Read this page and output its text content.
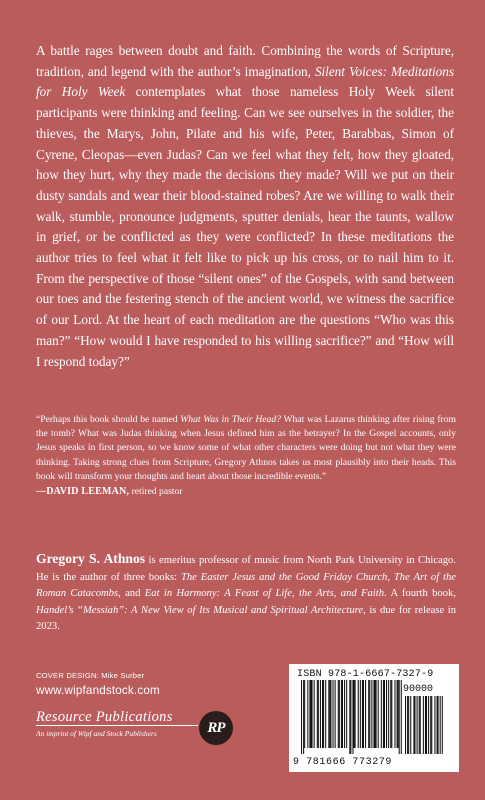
A battle rages between doubt and faith. Combining the words of Scripture, tradition, and legend with the author’s imagination, Silent Voices: Meditations for Holy Week contemplates what those nameless Holy Week silent participants were thinking and feeling. Can we see ourselves in the soldier, the thieves, the Marys, John, Pilate and his wife, Peter, Barabbas, Simon of Cyrene, Cleopas—even Judas? Can we feel what they felt, how they gloated, how they hurt, why they made the decisions they made? Will we put on their dusty sandals and wear their blood-stained robes? Are we willing to walk their walk, stumble, pronounce judgments, sputter denials, hear the taunts, wallow in grief, or be conflicted as they were conflicted? In these meditations the author tries to feel what it felt like to pick up his cross, or to nail him to it. From the perspective of those “silent ones” of the Gospels, with sand between our toes and the festering stench of the ancient world, we witness the sacrifice of our Lord. At the heart of each meditation are the questions “Who was this man?” “How would I have responded to his willing sacrifice?” and “How will I respond today?”

“Perhaps this book should be named What Was in Their Head? What was Lazarus thinking after rising from the tomb? What was Judas thinking when Jesus defined him as the betrayer? In the Gospel accounts, only Jesus speaks in first person, so we know some of what other characters were doing but not what they were thinking. Taking strong clues from Scripture, Gregory Athnos takes us most plausibly into their heads. This book will transform your thoughts and heart about those incredible events.”

—DAVID LEEMAN, retired pastor

Gregory S. Athnos is emeritus professor of music from North Park University in Chicago. He is the author of three books: The Easter Jesus and the Good Friday Church, The Art of the Roman Catacombs, and Eat in Harmony: A Feast of Life, the Arts, and Faith. A fourth book, Handel’s “Messiah”: A New View of Its Musical and Spiritual Architecture, is due for release in 2023.

COVER DESIGN: Mike Surber
www.wipfandstock.com
Resource Publications
An imprint of Wipf and Stock Publishers	RP
ISBN 978-1-6667-7327-9
90000
9 781666 773279
